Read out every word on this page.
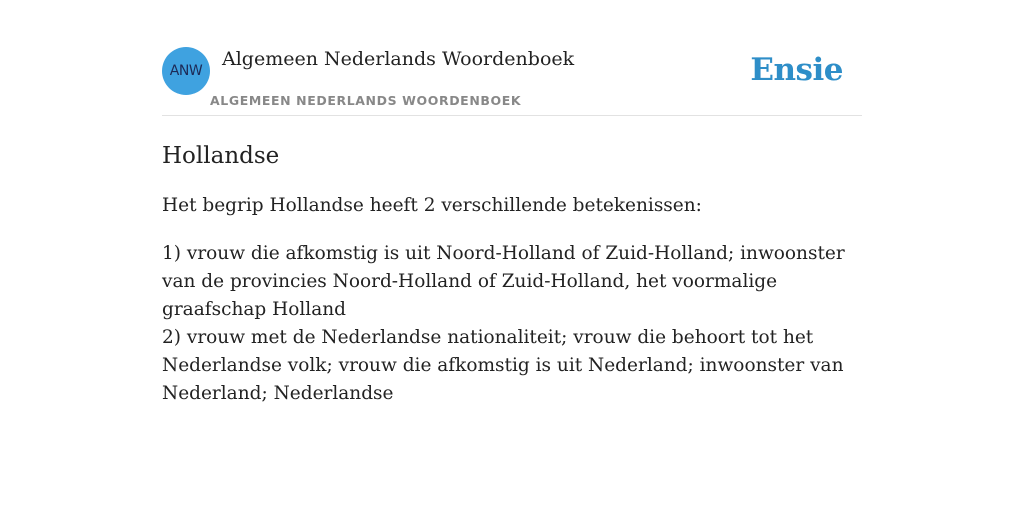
ANW
Algemeen Nederlands Woordenboek
ALGEMEEN NEDERLANDS WOORDENBOEK
Ensie
Hollandse

Het begrip Hollandse heeft 2 verschillende betekenissen:

1) vrouw die afkomstig is uit Noord-Holland of Zuid-Holland; inwoonster van de provincies Noord-Holland of Zuid-Holland, het voormalige graafschap Holland

2) vrouw met de Nederlandse nationaliteit; vrouw die behoort tot het Nederlandse volk; vrouw die afkomstig is uit Nederland; inwoonster van Nederland; Nederlandse
